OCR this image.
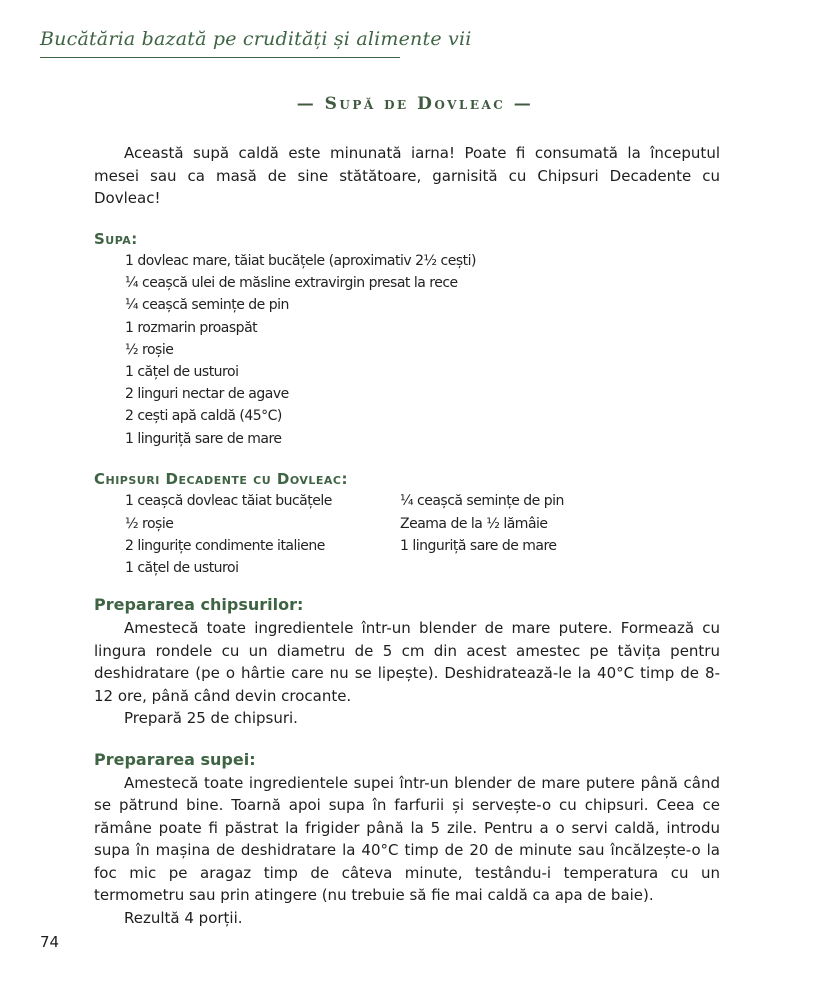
Bucătăria bazată pe crudități și alimente vii
— Supă de Dovleac —

Această supă caldă este minunată iarna! Poate fi consumată la începutul mesei sau ca masă de sine stătătoare, garnisită cu Chipsuri Decadente cu Dovleac!

Supa:
1 dovleac mare, tăiat bucățele (aproximativ 2½ cești)
¼ ceașcă ulei de măsline extravirgin presat la rece
¼ ceașcă semințe de pin
1 rozmarin proaspăt
½ roșie
1 cățel de usturoi
2 linguri nectar de agave
2 cești apă caldă (45°C)
1 linguriță sare de mare
Chipsuri Decadente cu Dovleac:
1 ceașcă dovleac tăiat bucățele
½ roșie
2 lingurițe condimente italiene
1 cățel de usturoi
¼ ceașcă semințe de pin
Zeama de la ½ lămâie
1 linguriță sare de mare
Prepararea chipsurilor:

Amestecă toate ingredientele într-un blender de mare putere. Formează cu lingura rondele cu un diametru de 5 cm din acest amestec pe tăvița pentru deshidratare (pe o hârtie care nu se lipește). Deshidratează-le la 40°C timp de 8-12 ore, până când devin crocante.

Prepară 25 de chipsuri.

Prepararea supei:

Amestecă toate ingredientele supei într-un blender de mare putere până când se pătrund bine. Toarnă apoi supa în farfurii și servește-o cu chipsuri. Ceea ce rămâne poate fi păstrat la frigider până la 5 zile. Pentru a o servi caldă, introdu supa în mașina de deshidratare la 40°C timp de 20 de minute sau încălzește-o la foc mic pe aragaz timp de câteva minute, testându-i temperatura cu un termometru sau prin atingere (nu trebuie să fie mai caldă ca apa de baie).

Rezultă 4 porții.

74
